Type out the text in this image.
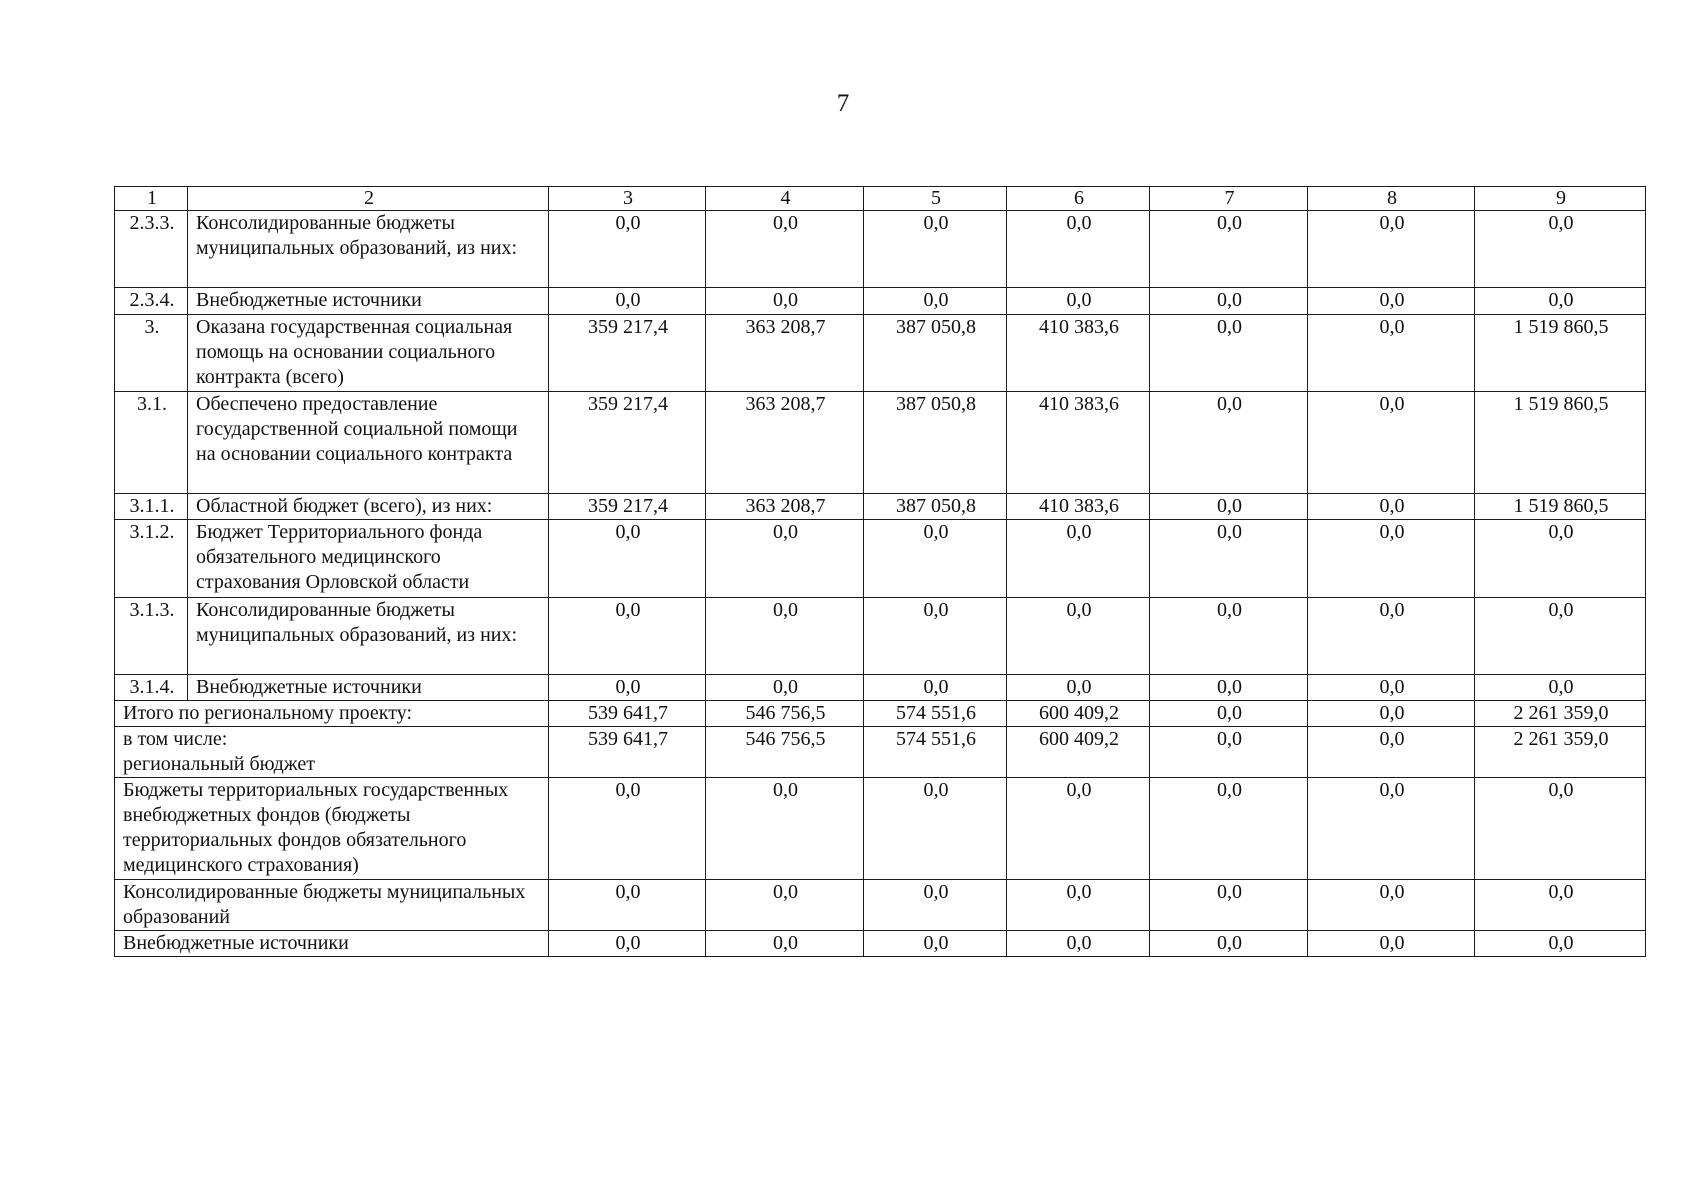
7
1	2	3	4	5	6	7	8	9
2.3.3.	Консолидированные бюджеты муниципальных образований, из них:	0,0	0,0	0,0	0,0	0,0	0,0	0,0
2.3.4.	Внебюджетные источники	0,0	0,0	0,0	0,0	0,0	0,0	0,0
3.	Оказана государственная социальная помощь на основании социального контракта (всего)	359 217,4	363 208,7	387 050,8	410 383,6	0,0	0,0	1 519 860,5
3.1.	Обеспечено предоставление государственной социальной помощи на основании социального контракта	359 217,4	363 208,7	387 050,8	410 383,6	0,0	0,0	1 519 860,5
3.1.1.	Областной бюджет (всего), из них:	359 217,4	363 208,7	387 050,8	410 383,6	0,0	0,0	1 519 860,5
3.1.2.	Бюджет Территориального фонда обязательного медицинского страхования Орловской области	0,0	0,0	0,0	0,0	0,0	0,0	0,0
3.1.3.	Консолидированные бюджеты муниципальных образований, из них:	0,0	0,0	0,0	0,0	0,0	0,0	0,0
3.1.4.	Внебюджетные источники	0,0	0,0	0,0	0,0	0,0	0,0	0,0
Итого по региональному проекту:		539 641,7	546 756,5	574 551,6	600 409,2	0,0	0,0	2 261 359,0

в том числе:
региональный бюджет		539 641,7	546 756,5	574 551,6	600 409,2	0,0	0,0	2 261 359,0
Бюджеты территориальных государственных внебюджетных фондов (бюджеты территориальных фондов обязательного медицинского страхования)		0,0	0,0	0,0	0,0	0,0	0,0	0,0
Консолидированные бюджеты муниципальных образований		0,0	0,0	0,0	0,0	0,0	0,0	0,0
Внебюджетные источники		0,0	0,0	0,0	0,0	0,0	0,0	0,0
